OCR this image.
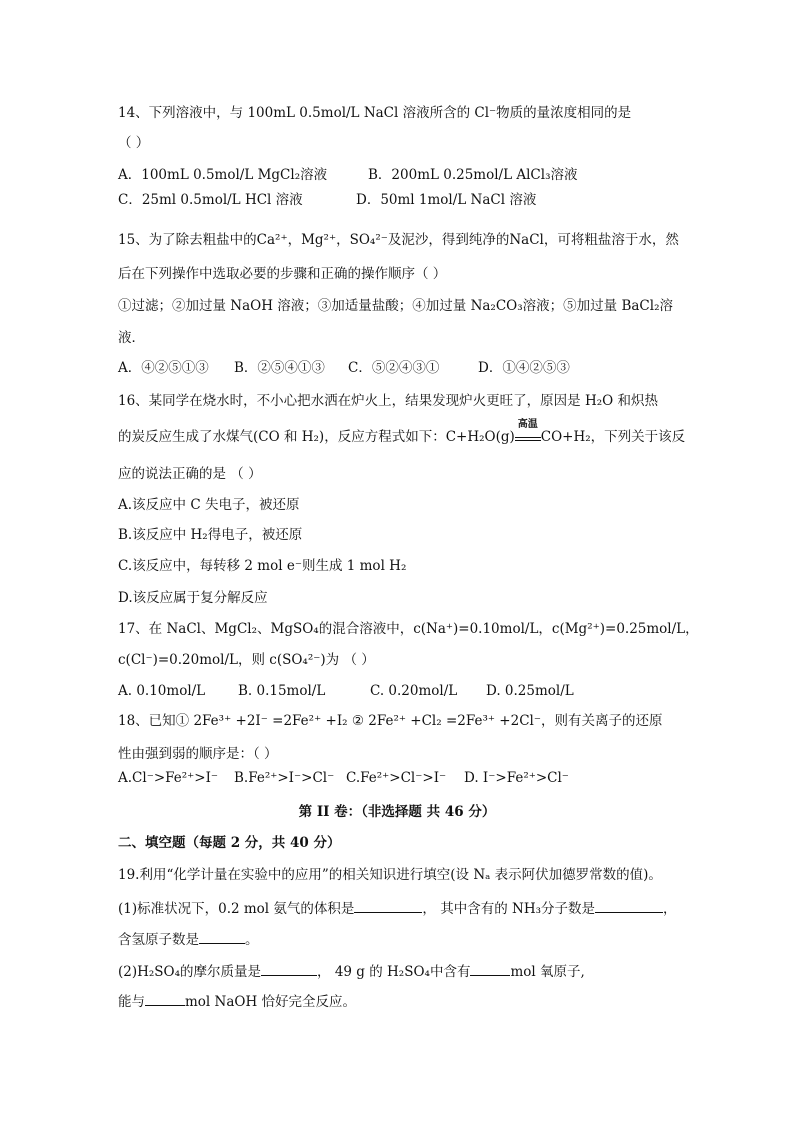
14、下列溶液中，与 100mL 0.5mol/L NaCl 溶液所含的 Cl⁻物质的量浓度相同的是
（ ）
A．100mL 0.5mol/L MgCl₂溶液	B．200mL 0.25mol/L AlCl₃溶液
C．25ml 0.5mol/L HCl 溶液	D．50ml 1mol/L NaCl 溶液
15、为了除去粗盐中的Ca²⁺，Mg²⁺，SO₄²⁻及泥沙，得到纯净的NaCl，可将粗盐溶于水，然
后在下列操作中选取必要的步骤和正确的操作顺序（ ）
①过滤；②加过量 NaOH 溶液；③加适量盐酸；④加过量 Na₂CO₃溶液；⑤加过量 BaCl₂溶
液．
A．④②⑤①③ B．②⑤④①③ C．⑤②④③①	D．①④②⑤③
16、某同学在烧水时，不小心把水洒在炉火上，结果发现炉火更旺了，原因是 H₂O 和炽热
的炭反应生成了水煤气(CO 和 H₂)，反应方程式如下：C+H₂O(g)
高温
CO+H₂，下列关于该反
应的说法正确的是 （ ）
A.该反应中 C 失电子，被还原
B.该反应中 H₂得电子，被还原
C.该反应中，每转移 2 mol e⁻则生成 1 mol H₂
D.该反应属于复分解反应
17、在 NaCl、MgCl₂、MgSO₄的混合溶液中，c(Na⁺)=0.10mol/L，c(Mg²⁺)=0.25mol/L，
c(Cl⁻)=0.20mol/L，则 c(SO₄²⁻)为 （ ）
A. 0.10mol/L B. 0.15mol/L	C. 0.20mol/L D. 0.25mol/L
18、已知① 2Fe³⁺ +2I⁻ =2Fe²⁺ +I₂ ② 2Fe²⁺ +Cl₂ =2Fe³⁺ +2Cl⁻，则有关离子的还原
性由强到弱的顺序是：（ ）
A.Cl⁻>Fe²⁺>I⁻ B.Fe²⁺>I⁻>Cl⁻ C.Fe²⁺>Cl⁻>I⁻ D. I⁻>Fe²⁺>Cl⁻
第 II 卷：（非选择题 共 46 分）
二、填空题（每题 2 分，共 40 分）
19.利用“化学计量在实验中的应用”的相关知识进行填空(设 Nₐ 表示阿伏加德罗常数的值)。
(1)标准状况下，0.2 mol 氨气的体积是	， 其中含有的 NH₃分子数是	，
含氢原子数是	。
(2)H₂SO₄的摩尔质量是	， 49 g 的 H₂SO₄中含有	mol 氧原子,
能与	mol NaOH 恰好完全反应。
